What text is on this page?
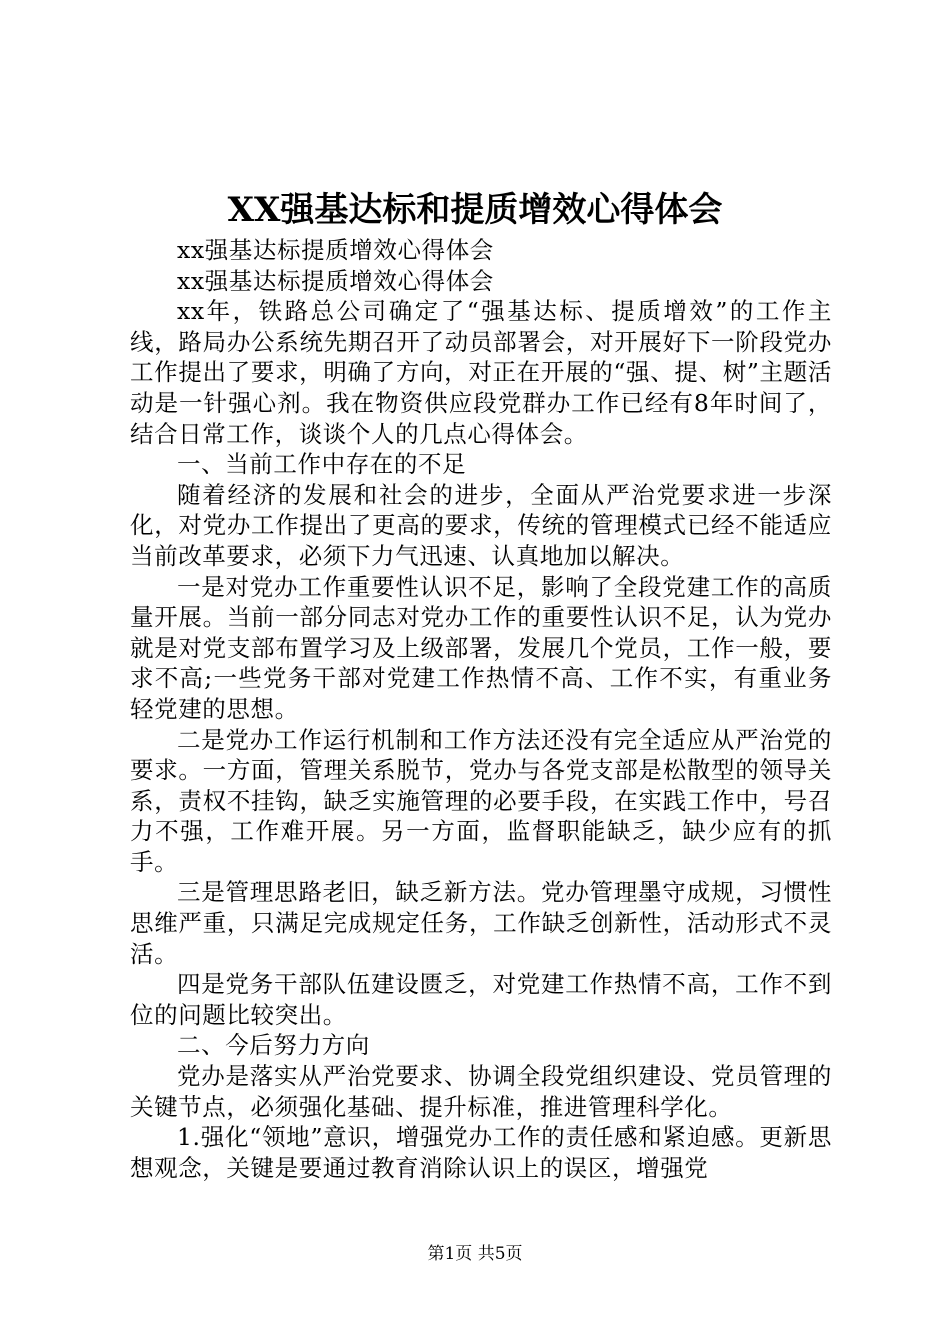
XX强基达标和提质增效心得体会

xx强基达标提质增效心得体会

xx强基达标提质增效心得体会

xx年，铁路总公司确定了“强基达标、提质增效”的工作主线，路局办公系统先期召开了动员部署会，对开展好下一阶段党办工作提出了要求，明确了方向，对正在开展的“强、提、树”主题活动是一针强心剂。我在物资供应段党群办工作已经有8年时间了，结合日常工作，谈谈个人的几点心得体会。

一、当前工作中存在的不足

随着经济的发展和社会的进步，全面从严治党要求进一步深化，对党办工作提出了更高的要求，传统的管理模式已经不能适应当前改革要求，必须下力气迅速、认真地加以解决。

一是对党办工作重要性认识不足，影响了全段党建工作的高质量开展。当前一部分同志对党办工作的重要性认识不足，认为党办就是对党支部布置学习及上级部署，发展几个党员，工作一般，要求不高;一些党务干部对党建工作热情不高、工作不实，有重业务轻党建的思想。

二是党办工作运行机制和工作方法还没有完全适应从严治党的要求。一方面，管理关系脱节，党办与各党支部是松散型的领导关系，责权不挂钩，缺乏实施管理的必要手段，在实践工作中，号召力不强，工作难开展。另一方面，监督职能缺乏，缺少应有的抓手。

三是管理思路老旧，缺乏新方法。党办管理墨守成规，习惯性思维严重，只满足完成规定任务，工作缺乏创新性，活动形式不灵活。

四是党务干部队伍建设匮乏，对党建工作热情不高，工作不到位的问题比较突出。

二、今后努力方向

党办是落实从严治党要求、协调全段党组织建设、党员管理的关键节点，必须强化基础、提升标准，推进管理科学化。

1.强化“领地”意识，增强党办工作的责任感和紧迫感。更新思想观念，关键是要通过教育消除认识上的误区，增强党

第1页 共5页
